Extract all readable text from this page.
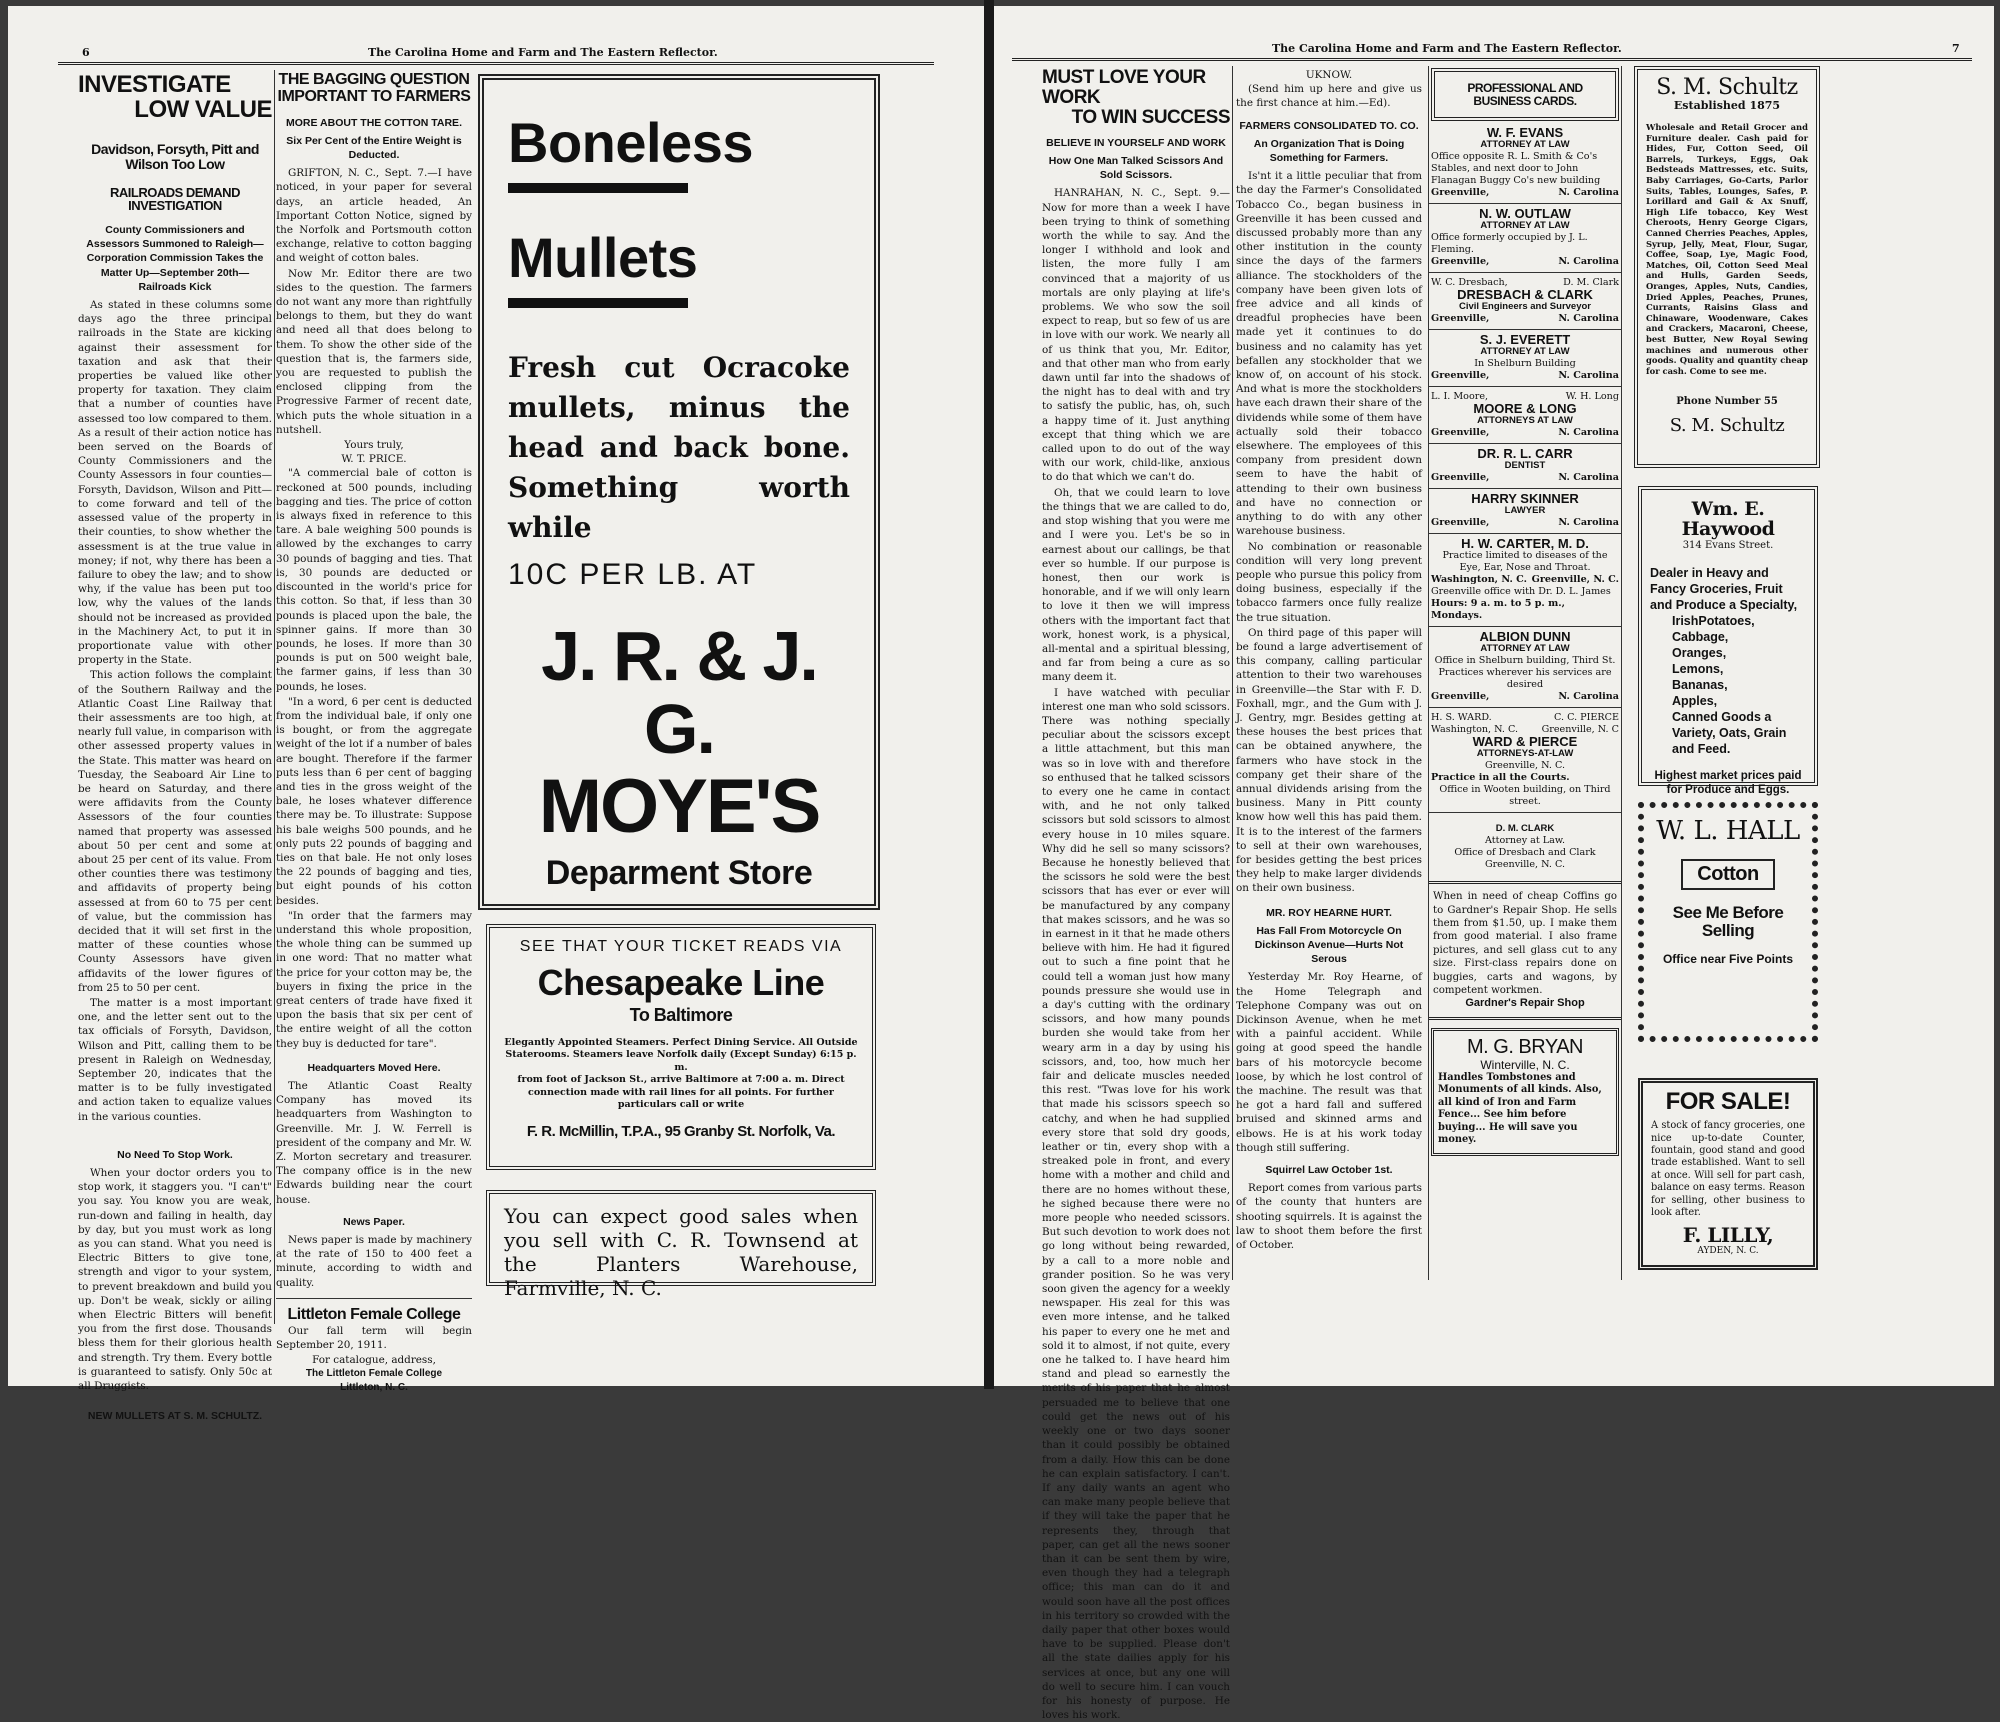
6	The Carolina Home and Farm and The Eastern Reflector.
INVESTIGATE
LOW VALUE
Davidson, Forsyth, Pitt and Wilson Too Low
RAILROADS DEMAND INVESTIGATION
County Commissioners and Assessors Summoned to Raleigh—Corporation Commission Takes the Matter Up—September 20th—Railroads Kick

As stated in these columns some days ago the three principal railroads in the State are kicking against their assessment for taxation and ask that their properties be valued like other property for taxation. They claim that a number of counties have assessed too low compared to them. As a result of their action notice has been served on the Boards of County Commissioners and the County Assessors in four counties—Forsyth, Davidson, Wilson and Pitt—to come forward and tell of the assessed value of the property in their counties, to show whether the assessment is at the true value in money; if not, why there has been a failure to obey the law; and to show why, if the value has been put too low, why the values of the lands should not be increased as provided in the Machinery Act, to put it in proportionate value with other property in the State.

This action follows the complaint of the Southern Railway and the Atlantic Coast Line Railway that their assessments are too high, at nearly full value, in comparison with other assessed property values in the State. This matter was heard on Tuesday, the Seaboard Air Line to be heard on Saturday, and there were affidavits from the County Assessors of the four counties named that property was assessed about 50 per cent and some at about 25 per cent of its value. From other counties there was testimony and affidavits of property being assessed at from 60 to 75 per cent of value, but the commission has decided that it will set first in the matter of these counties whose County Assessors have given affidavits of the lower figures of from 25 to 50 per cent.

The matter is a most important one, and the letter sent out to the tax officials of Forsyth, Davidson, Wilson and Pitt, calling them to be present in Raleigh on Wednesday, September 20, indicates that the matter is to be fully investigated and action taken to equalize values in the various counties.

No Need To Stop Work.

When your doctor orders you to stop work, it staggers you. "I can't" you say. You know you are weak, run-down and failing in health, day by day, but you must work as long as you can stand. What you need is Electric Bitters to give tone, strength and vigor to your system, to prevent breakdown and build you up. Don't be weak, sickly or ailing when Electric Bitters will benefit you from the first dose. Thousands bless them for their glorious health and strength. Try them. Every bottle is guaranteed to satisfy. Only 50c at all Druggists.

NEW MULLETS AT S. M. SCHULTZ.
THE BAGGING QUESTION
IMPORTANT TO FARMERS
MORE ABOUT THE COTTON TARE.
Six Per Cent of the Entire Weight is Deducted.

GRIFTON, N. C., Sept. 7.—I have noticed, in your paper for several days, an article headed, An Important Cotton Notice, signed by the Norfolk and Portsmouth cotton exchange, relative to cotton bagging and weight of cotton bales.

Now Mr. Editor there are two sides to the question. The farmers do not want any more than rightfully belongs to them, but they do want and need all that does belong to them. To show the other side of the question that is, the farmers side, you are requested to publish the enclosed clipping from the Progressive Farmer of recent date, which puts the whole situation in a nutshell.

Yours truly,
W. T. PRICE.

"A commercial bale of cotton is reckoned at 500 pounds, including bagging and ties. The price of cotton is always fixed in reference to this tare. A bale weighing 500 pounds is allowed by the exchanges to carry 30 pounds of bagging and ties. That is, 30 pounds are deducted or discounted in the world's price for this cotton. So that, if less than 30 pounds is placed upon the bale, the spinner gains. If more than 30 pounds, he loses. If more than 30 pounds is put on 500 weight bale, the farmer gains, if less than 30 pounds, he loses.

"In a word, 6 per cent is deducted from the individual bale, if only one is bought, or from the aggregate weight of the lot if a number of bales are bought. Therefore if the farmer puts less than 6 per cent of bagging and ties in the gross weight of the bale, he loses whatever difference there may be. To illustrate: Suppose his bale weighs 500 pounds, and he only puts 22 pounds of bagging and ties on that bale. He not only loses the 22 pounds of bagging and ties, but eight pounds of his cotton besides.

"In order that the farmers may understand this whole proposition, the whole thing can be summed up in one word: That no matter what the price for your cotton may be, the buyers in fixing the price in the great centers of trade have fixed it upon the basis that six per cent of the entire weight of all the cotton they buy is deducted for tare".

Headquarters Moved Here.

The Atlantic Coast Realty Company has moved its headquarters from Washington to Greenville. Mr. J. W. Ferrell is president of the company and Mr. W. Z. Morton secretary and treasurer. The company office is in the new Edwards building near the court house.

News Paper.

News paper is made by machinery at the rate of 150 to 400 feet a minute, according to width and quality.

Littleton Female College

Our fall term will begin September 20, 1911.

For catalogue, address,
The Littleton Female College
Littleton, N. C.
Boneless
Mullets
Fresh cut Ocracoke mullets, minus the head and back bone. Something worth while
10C PER LB. AT
J. R. & J. G.
MOYE'S
Deparment Store
SEE THAT YOUR TICKET READS VIA
Chesapeake Line
To Baltimore
Elegantly Appointed Steamers. Perfect Dining Service. All Outside Staterooms. Steamers leave Norfolk daily (Except Sunday) 6:15 p. m.
from foot of Jackson St., arrive Baltimore at 7:00 a. m. Direct connection made with rail lines for all points. For further particulars call or write
F. R. McMillin, T.P.A., 95 Granby St. Norfolk, Va.
You can expect good sales when you sell with C. R. Townsend at the Planters Warehouse, Farmville, N. C.
The Carolina Home and Farm and The Eastern Reflector.	7
MUST LOVE YOUR WORK
TO WIN SUCCESS
BELIEVE IN YOURSELF AND WORK
How One Man Talked Scissors And Sold Scissors.

HANRAHAN, N. C., Sept. 9.—Now for more than a week I have been trying to think of something worth the while to say. And the longer I withhold and look and listen, the more fully I am convinced that a majority of us mortals are only playing at life's problems. We who sow the soil expect to reap, but so few of us are in love with our work. We nearly all of us think that you, Mr. Editor, and that other man who from early dawn until far into the shadows of the night has to deal with and try to satisfy the public, has, oh, such a happy time of it. Just anything except that thing which we are called upon to do out of the way with our work, child-like, anxious to do that which we can't do.

Oh, that we could learn to love the things that we are called to do, and stop wishing that you were me and I were you. Let's be so in earnest about our callings, be that ever so humble. If our purpose is honest, then our work is honorable, and if we will only learn to love it then we will impress others with the important fact that work, honest work, is a physical, all-mental and a spiritual blessing, and far from being a cure as so many deem it.

I have watched with peculiar interest one man who sold scissors. There was nothing specially peculiar about the scissors except a little attachment, but this man was so in love with and therefore so enthused that he talked scissors to every one he came in contact with, and he not only talked scissors but sold scissors to almost every house in 10 miles square. Why did he sell so many scissors? Because he honestly believed that the scissors he sold were the best scissors that has ever or ever will be manufactured by any company that makes scissors, and he was so in earnest in it that he made others believe with him. He had it figured out to such a fine point that he could tell a woman just how many pounds pressure she would use in a day's cutting with the ordinary scissors, and how many pounds burden she would take from her weary arm in a day by using his scissors, and, too, how much her fair and delicate muscles needed this rest. "Twas love for his work that made his scissors speech so catchy, and when he had supplied every store that sold dry goods, leather or tin, every shop with a streaked pole in front, and every home with a mother and child and there are no homes without these, he sighed because there were no more people who needed scissors. But such devotion to work does not go long without being rewarded, by a call to a more noble and grander position. So he was very soon given the agency for a weekly newspaper. His zeal for this was even more intense, and he talked his paper to every one he met and sold it to almost, if not quite, every one he talked to. I have heard him stand and plead so earnestly the merits of his paper that he almost persuaded me to believe that one could get the news out of his weekly one or two days sooner than it could possibly be obtained from a daily. How this can be done he can explain satisfactory. I can't. If any daily wants an agent who can make many people believe that if they will take the paper that he represents they, through that paper, can get all the news sooner than it can be sent them by wire, even though they had a telegraph office; this man can do it and would soon have all the post offices in his territory so crowded with the daily paper that other boxes would have to be supplied. Please don't all the state dailies apply for his services at once, but any one will do well to secure him. I can vouch for his honesty of purpose. He loves his work.

UKNOW.

(Send him up here and give us the first chance at him.—Ed).

FARMERS CONSOLIDATED TO. CO.
An Organization That is Doing Something for Farmers.

Is'nt it a little peculiar that from the day the Farmer's Consolidated Tobacco Co., began business in Greenville it has been cussed and discussed probably more than any other institution in the county since the days of the farmers alliance. The stockholders of the company have been given lots of free advice and all kinds of dreadful prophecies have been made yet it continues to do business and no calamity has yet befallen any stockholder that we know of, on account of his stock. And what is more the stockholders have each drawn their share of the dividends while some of them have actually sold their tobacco elsewhere. The employees of this company from president down seem to have the habit of attending to their own business and have no connection or anything to do with any other warehouse business.

No combination or reasonable condition will very long prevent people who pursue this policy from doing business, especially if the tobacco farmers once fully realize the true situation.

On third page of this paper will be found a large advertisement of this company, calling particular attention to their two warehouses in Greenville—the Star with F. D. Foxhall, mgr., and the Gum with J. J. Gentry, mgr. Besides getting at these houses the best prices that can be obtained anywhere, the farmers who have stock in the company get their share of the annual dividends arising from the business. Many in Pitt county know how well this has paid them. It is to the interest of the farmers to sell at their own warehouses, for besides getting the best prices they help to make larger dividends on their own business.

MR. ROY HEARNE HURT.
Has Fall From Motorcycle On Dickinson Avenue—Hurts Not Serous

Yesterday Mr. Roy Hearne, of the Home Telegraph and Telephone Company was out on Dickinson Avenue, when he met with a painful accident. While going at good speed the handle bars of his motorcycle become loose, by which he lost control of the machine. The result was that he got a hard fall and suffered bruised and skinned arms and elbows. He is at his work today though still suffering.

Squirrel Law October 1st.

Report comes from various parts of the county that hunters are shooting squirrels. It is against the law to shoot them before the first of October.

PROFESSIONAL AND
BUSINESS CARDS.
W. F. EVANS
ATTORNEY AT LAW
Office opposite R. L. Smith & Co's Stables, and next door to John Flanagan Buggy Co's new building
Greenville,	N. Carolina
N. W. OUTLAW
ATTORNEY AT LAW
Office formerly occupied by J. L. Fleming.
Greenville,	N. Carolina
W. C. Dresbach,	D. M. Clark
DRESBACH & CLARK
Civil Engineers and Surveyor
Greenville,	N. Carolina
S. J. EVERETT
ATTORNEY AT LAW
In Shelburn Building
Greenville,	N. Carolina
L. I. Moore,	W. H. Long
MOORE & LONG
ATTORNEYS AT LAW
Greenville,	N. Carolina
DR. R. L. CARR
DENTIST
Greenville,	N. Carolina
HARRY SKINNER
LAWYER
Greenville,	N. Carolina
H. W. CARTER, M. D.
Practice limited to diseases of the Eye, Ear, Nose and Throat.
Washington, N. C. Greenville, N. C.
Greenville office with Dr. D. L. James
Hours: 9 a. m. to 5 p. m., Mondays.
ALBION DUNN
ATTORNEY AT LAW
Office in Shelburn building, Third St. Practices wherever his services are desired
Greenville,	N. Carolina
H. S. WARD.	C. C. PIERCE
Washington, N. C. Greenville, N. C
WARD & PIERCE
ATTORNEYS-AT-LAW
Greenville, N. C.
Practice in all the Courts.
Office in Wooten building, on Third street.
D. M. CLARK
Attorney at Law.
Office of Dresbach and Clark
Greenville, N. C.
When in need of cheap Coffins go to Gardner's Repair Shop. He sells them from $1.50, up. I make them from good material. I also frame pictures, and sell glass cut to any size. First-class repairs done on buggies, carts and wagons, by competent workmen.
Gardner's Repair Shop
M. G. BRYAN
Winterville, N. C.
Handles Tombstones and Monuments of all kinds. Also, all kind of Iron and Farm Fence... See him before buying... He will save you money.
S. M. Schultz
Established 1875
Wholesale and Retail Grocer and Furniture dealer. Cash paid for Hides, Fur, Cotton Seed, Oil Barrels, Turkeys, Eggs, Oak Bedsteads Mattresses, etc. Suits, Baby Carriages, Go-Carts, Parlor Suits, Tables, Lounges, Safes, P. Lorillard and Gail & Ax Snuff, High Life tobacco, Key West Cheroots, Henry George Cigars, Canned Cherries Peaches, Apples, Syrup, Jelly, Meat, Flour, Sugar, Coffee, Soap, Lye, Magic Food, Matches, Oil, Cotton Seed Meal and Hulls, Garden Seeds, Oranges, Apples, Nuts, Candies, Dried Apples, Peaches, Prunes, Currants, Raisins Glass and Chinaware, Woodenware, Cakes and Crackers, Macaroni, Cheese, best Butter, New Royal Sewing machines and numerous other goods. Quality and quantity cheap for cash. Come to see me.
Phone Number 55
S. M. Schultz
Wm. E. Haywood
314 Evans Street.
Dealer in Heavy and Fancy Groceries, Fruit and Produce a Specialty,
IrishPotatoes,
Cabbage,
Oranges,
Lemons,
Bananas,
Apples,
Canned Goods a Variety, Oats, Grain and Feed.
Highest market prices paid for Produce and Eggs.
W. L. HALL
Cotton
See Me Before
Selling
Office near Five Points
FOR SALE!
A stock of fancy groceries, one nice up-to-date Counter, fountain, good stand and good trade established. Want to sell at once. Will sell for part cash, balance on easy terms. Reason for selling, other business to look after.
F. LILLY,
AYDEN, N. C.
